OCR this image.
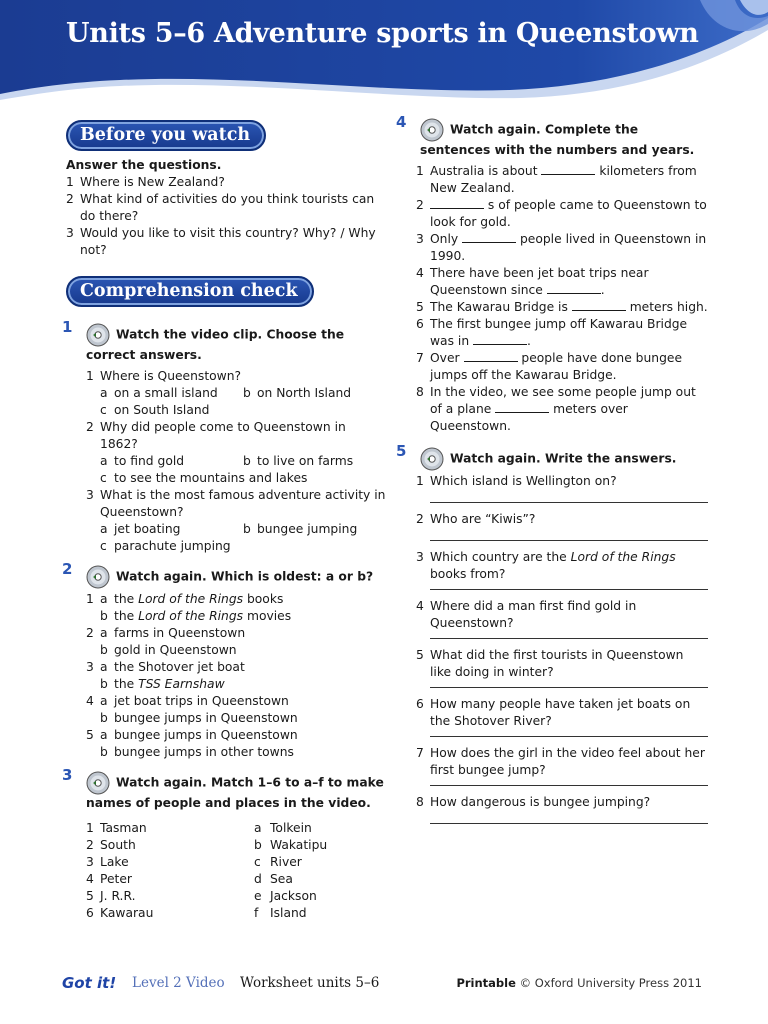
Units 5–6 Adventure sports in Queenstown
Before you watch

Answer the questions.

1 Where is New Zealand?
2 What kind of activities do you think tourists can do there?
3 Would you like to visit this country? Why? / Why not?
Comprehension check
1	Watch the video clip. Choose the correct answers.

1 Where is Queenstown?
a on a small island b on North Island
c on South Island
2 Why did people come to Queenstown in 1862?
a to find gold	b to live on farms
c to see the mountains and lakes
3 What is the most famous adventure activity in Queenstown?
a jet boating	b bungee jumping
c parachute jumping
2	Watch again. Which is oldest: a or b?

1 a the Lord of the Rings books
b the Lord of the Rings movies
2 a farms in Queenstown
b gold in Queenstown
3 a the Shotover jet boat
b the TSS Earnshaw
4 a jet boat trips in Queenstown
b bungee jumps in Queenstown
5 a bungee jumps in Queenstown
b bungee jumps in other towns
3	Watch again. Match 1–6 to a–f to make names of people and places in the video.

1 Tasman	a Tolkein
2 South	b Wakatipu
3 Lake	c River
4 Peter	d Sea
5 J. R.R.	e Jackson
6 Kawarau	f Island
4	Watch again. Complete the sentences with the numbers and years.

1 Australia is about	kilometers from New Zealand.
2	s of people came to Queenstown to look for gold.
3 Only	people lived in Queenstown in 1990.
4 There have been jet boat trips near Queenstown since	.
5 The Kawarau Bridge is	meters high.
6 The first bungee jump off Kawarau Bridge was in	.
7 Over	people have done bungee jumps off the Kawarau Bridge.
8 In the video, we see some people jump out of a plane	meters over Queenstown.
5	Watch again. Write the answers.

1 Which island is Wellington on?
2 Who are “Kiwis”?
3 Which country are the Lord of the Rings books from?
4 Where did a man first find gold in Queenstown?
5 What did the first tourists in Queenstown like doing in winter?
6 How many people have taken jet boats on the Shotover River?
7 How does the girl in the video feel about her first bungee jump?
8 How dangerous is bungee jumping?
Got it! Level 2 Video Worksheet units 5–6	Printable © Oxford University Press 2011
